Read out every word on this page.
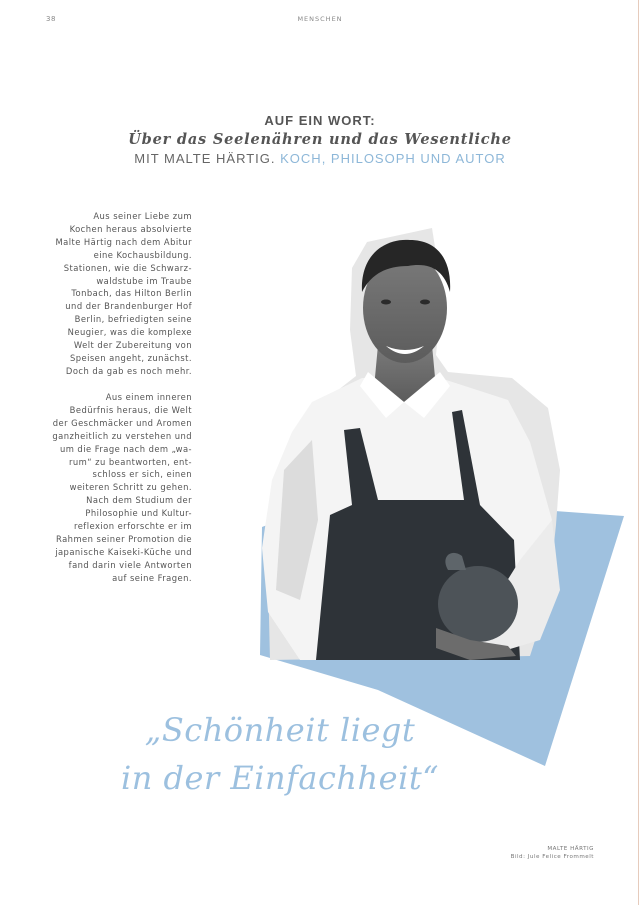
38	MENSCHEN
AUF EIN WORT:
Über das Seelenähren und das Wesentliche
MIT MALTE HÄRTIG. KOCH, PHILOSOPH UND AUTOR
Aus seiner Liebe zum
Kochen heraus absolvierte
Malte Härtig nach dem Abitur
eine Kochausbildung.
Stationen, wie die Schwarz-
waldstube im Traube
Tonbach, das Hilton Berlin
und der Brandenburger Hof
Berlin, befriedigten seine
Neugier, was die komplexe
Welt der Zubereitung von
Speisen angeht, zunächst.
Doch da gab es noch mehr.
Aus einem inneren
Bedürfnis heraus, die Welt
der Geschmäcker und Aromen
ganzheitlich zu verstehen und
um die Frage nach dem „wa-
rum“ zu beantworten, ent-
schloss er sich, einen
weiteren Schritt zu gehen.
Nach dem Studium der
Philosophie und Kultur-
reflexion erforschte er im
Rahmen seiner Promotion die
japanische Kaiseki-Küche und
fand darin viele Antworten
auf seine Fragen.
„Schönheit liegt
in der Einfachheit“
MALTE HÄRTIG
Bild: Jule Felice Frommelt
